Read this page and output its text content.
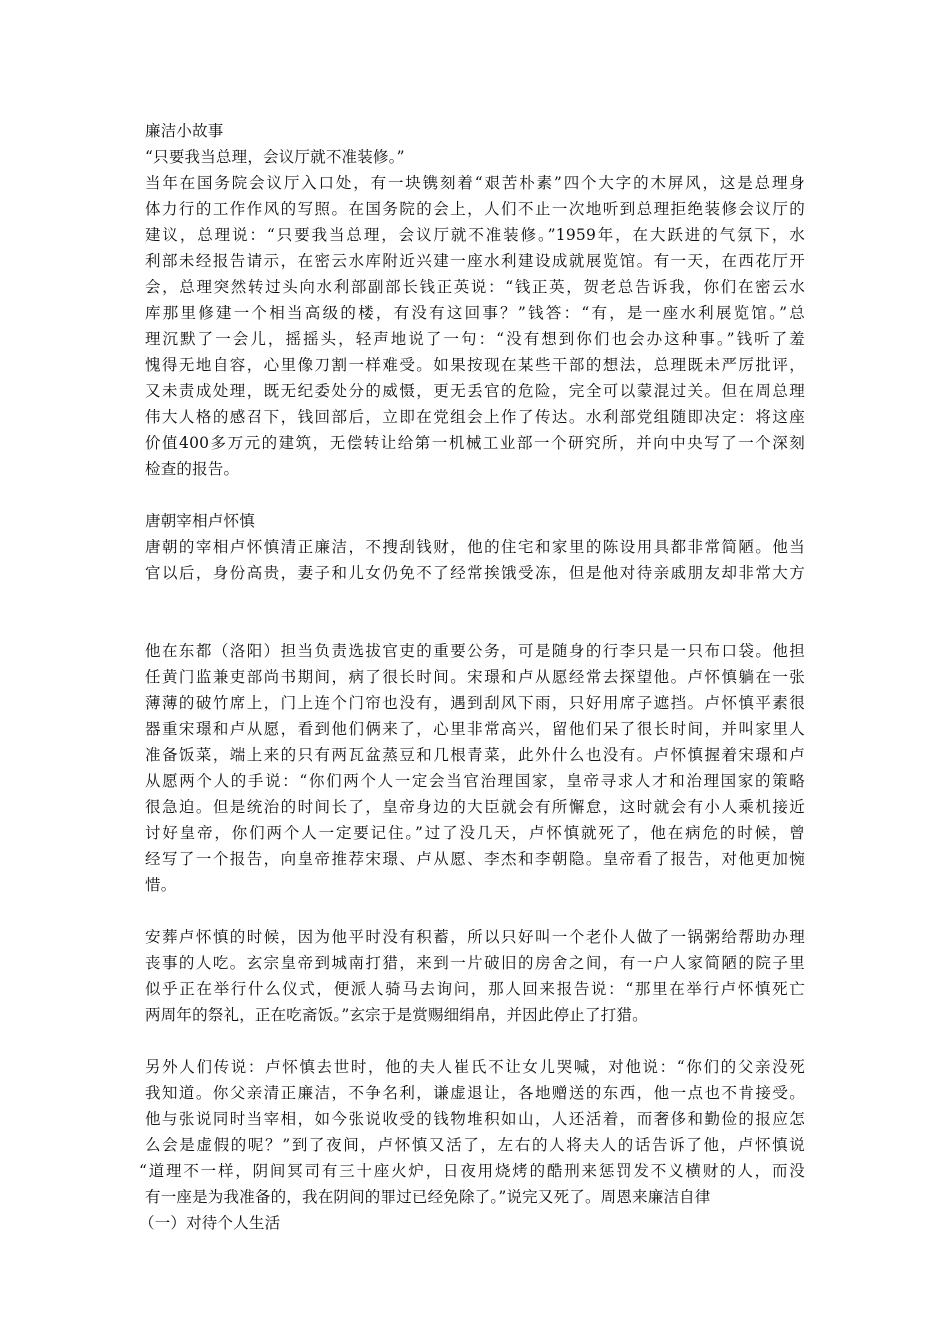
廉洁小故事
“只要我当总理，会议厅就不准装修。”
当年在国务院会议厅入口处，有一块镌刻着“艰苦朴素”四个大字的木屏风，这是总理身
体力行的工作作风的写照。在国务院的会上，人们不止一次地听到总理拒绝装修会议厅的
建议，总理说：“只要我当总理，会议厅就不准装修。”1959年，在大跃进的气氛下，水
利部未经报告请示，在密云水库附近兴建一座水利建设成就展览馆。有一天，在西花厅开
会，总理突然转过头向水利部副部长钱正英说：“钱正英，贺老总告诉我，你们在密云水
库那里修建一个相当高级的楼，有没有这回事？”钱答：“有，是一座水利展览馆。”总
理沉默了一会儿，摇摇头，轻声地说了一句：“没有想到你们也会办这种事。”钱听了羞
愧得无地自容，心里像刀割一样难受。如果按现在某些干部的想法，总理既未严厉批评，
又未责成处理，既无纪委处分的威慑，更无丢官的危险，完全可以蒙混过关。但在周总理
伟大人格的感召下，钱回部后，立即在党组会上作了传达。水利部党组随即决定：将这座
价值400多万元的建筑，无偿转让给第一机械工业部一个研究所，并向中央写了一个深刻
检查的报告。
唐朝宰相卢怀慎
唐朝的宰相卢怀慎清正廉洁，不搜刮钱财，他的住宅和家里的陈设用具都非常简陋。他当
官以后，身份高贵，妻子和儿女仍免不了经常挨饿受冻，但是他对待亲戚朋友却非常大方
他在东都（洛阳）担当负责选拔官吏的重要公务，可是随身的行李只是一只布口袋。他担
任黄门监兼吏部尚书期间，病了很长时间。宋璟和卢从愿经常去探望他。卢怀慎躺在一张
薄薄的破竹席上，门上连个门帘也没有，遇到刮风下雨，只好用席子遮挡。卢怀慎平素很
器重宋璟和卢从愿，看到他们俩来了，心里非常高兴，留他们呆了很长时间，并叫家里人
准备饭菜，端上来的只有两瓦盆蒸豆和几根青菜，此外什么也没有。卢怀慎握着宋璟和卢
从愿两个人的手说：“你们两个人一定会当官治理国家，皇帝寻求人才和治理国家的策略
很急迫。但是统治的时间长了，皇帝身边的大臣就会有所懈怠，这时就会有小人乘机接近
讨好皇帝，你们两个人一定要记住。”过了没几天，卢怀慎就死了，他在病危的时候，曾
经写了一个报告，向皇帝推荐宋璟、卢从愿、李杰和李朝隐。皇帝看了报告，对他更加惋
惜。
安葬卢怀慎的时候，因为他平时没有积蓄，所以只好叫一个老仆人做了一锅粥给帮助办理
丧事的人吃。玄宗皇帝到城南打猎，来到一片破旧的房舍之间，有一户人家简陋的院子里
似乎正在举行什么仪式，便派人骑马去询问，那人回来报告说：“那里在举行卢怀慎死亡
两周年的祭礼，正在吃斋饭。”玄宗于是赏赐细绢帛，并因此停止了打猎。
另外人们传说：卢怀慎去世时，他的夫人崔氏不让女儿哭喊，对他说：“你们的父亲没死
我知道。你父亲清正廉洁，不争名利，谦虚退让，各地赠送的东西，他一点也不肯接受。
他与张说同时当宰相，如今张说收受的钱物堆积如山，人还活着，而奢侈和勤俭的报应怎
么会是虚假的呢？”到了夜间，卢怀慎又活了，左右的人将夫人的话告诉了他，卢怀慎说
“道理不一样，阴间冥司有三十座火炉，日夜用烧烤的酷刑来惩罚发不义横财的人，而没
有一座是为我准备的，我在阴间的罪过已经免除了。”说完又死了。周恩来廉洁自律
（一）对待个人生活
